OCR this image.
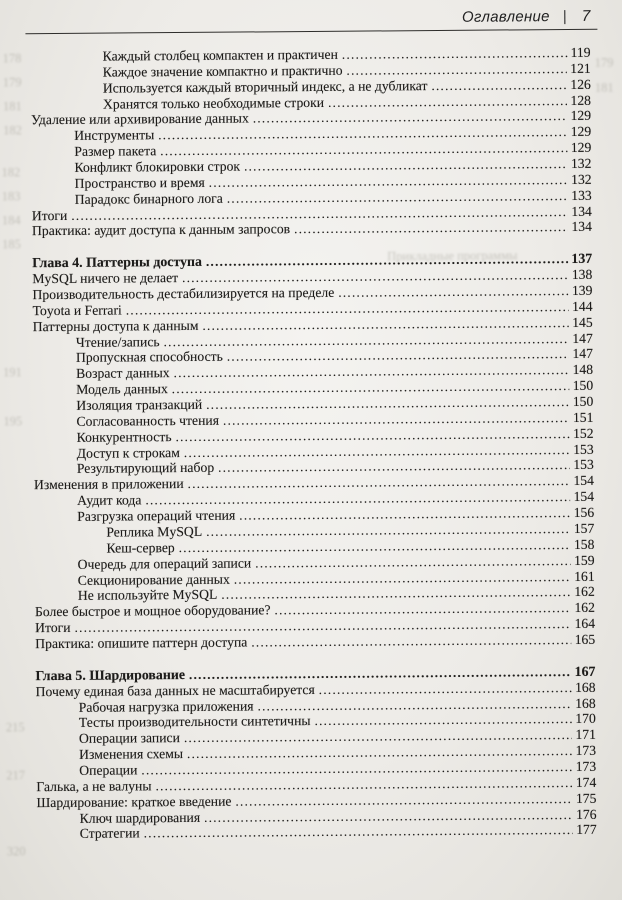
178
179
181
182
182
183
184
185
191
195
215
217
320
Прикладные программы
179
181
Оглавление | 7
Каждый столбец компактен и практичен .....	119
Каждое значение компактно и практично .....	121
Используется каждый вторичный индекс, а не дубликат .....	126
Хранятся только необходимые строки .....	128
Удаление или архивирование данных .....	129
Инструменты .....	129
Размер пакета .....	129
Конфликт блокировки строк .....	132
Пространство и время .....	132
Парадокс бинарного лога .....	133
Итоги .....	134
Практика: аудит доступа к данным запросов .....	134
Глава 4. Паттерны доступа .....	137
MySQL ничего не делает .....	138
Производительность дестабилизируется на пределе .....	139
Toyota и Ferrari .....	144
Паттерны доступа к данным .....	145
Чтение/запись .....	147
Пропускная способность .....	147
Возраст данных .....	148
Модель данных .....	150
Изоляция транзакций .....	150
Согласованность чтения .....	151
Конкурентность .....	152
Доступ к строкам .....	153
Результирующий набор .....	153
Изменения в приложении .....	154
Аудит кода .....	154
Разгрузка операций чтения .....	156
Реплика MySQL .....	157
Кеш-сервер .....	158
Очередь для операций записи .....	159
Секционирование данных .....	161
Не используйте MySQL .....	162
Более быстрое и мощное оборудование? .....	162
Итоги .....	164
Практика: опишите паттерн доступа .....	165
Глава 5. Шардирование .....	167
Почему единая база данных не масштабируется .....	168
Рабочая нагрузка приложения .....	168
Тесты производительности синтетичны .....	170
Операции записи .....	171
Изменения схемы .....	173
Операции .....	173
Галька, а не валуны .....	174
Шардирование: краткое введение .....	175
Ключ шардирования .....	176
Стратегии .....	177
